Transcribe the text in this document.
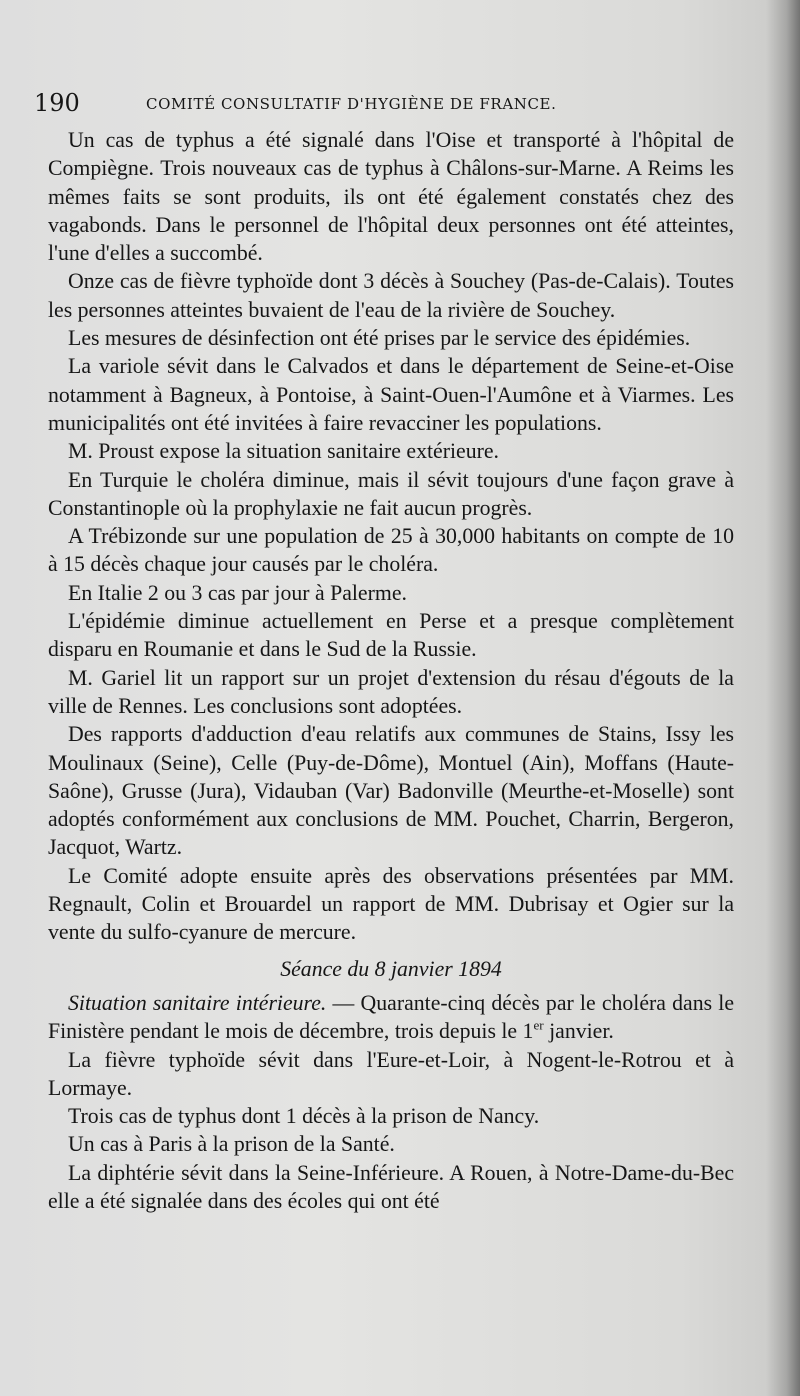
190	COMITÉ CONSULTATIF D'HYGIÈNE DE FRANCE.

Un cas de typhus a été signalé dans l'Oise et transporté à l'hôpital de Compiègne. Trois nouveaux cas de typhus à Châlons-sur-Marne. A Reims les mêmes faits se sont produits, ils ont été également constatés chez des vagabonds. Dans le personnel de l'hôpital deux personnes ont été atteintes, l'une d'elles a succombé.

Onze cas de fièvre typhoïde dont 3 décès à Souchey (Pas-de-Calais). Toutes les personnes atteintes buvaient de l'eau de la rivière de Souchey.

Les mesures de désinfection ont été prises par le service des épidémies.

La variole sévit dans le Calvados et dans le département de Seine-et-Oise notamment à Bagneux, à Pontoise, à Saint-Ouen-l'Aumône et à Viarmes. Les municipalités ont été invitées à faire revacciner les populations.

M. Proust expose la situation sanitaire extérieure.

En Turquie le choléra diminue, mais il sévit toujours d'une façon grave à Constantinople où la prophylaxie ne fait aucun progrès.

A Trébizonde sur une population de 25 à 30,000 habitants on compte de 10 à 15 décès chaque jour causés par le choléra.

En Italie 2 ou 3 cas par jour à Palerme.

L'épidémie diminue actuellement en Perse et a presque complètement disparu en Roumanie et dans le Sud de la Russie.

M. Gariel lit un rapport sur un projet d'extension du résau d'égouts de la ville de Rennes. Les conclusions sont adoptées.

Des rapports d'adduction d'eau relatifs aux communes de Stains, Issy les Moulinaux (Seine), Celle (Puy-de-Dôme), Montuel (Ain), Moffans (Haute-Saône), Grusse (Jura), Vidauban (Var) Badonville (Meurthe-et-Moselle) sont adoptés conformément aux conclusions de MM. Pouchet, Charrin, Bergeron, Jacquot, Wartz.

Le Comité adopte ensuite après des observations présentées par MM. Regnault, Colin et Brouardel un rapport de MM. Dubrisay et Ogier sur la vente du sulfo-cyanure de mercure.

Séance du 8 janvier 1894

Situation sanitaire intérieure. — Quarante-cinq décès par le choléra dans le Finistère pendant le mois de décembre, trois depuis le 1er janvier.

La fièvre typhoïde sévit dans l'Eure-et-Loir, à Nogent-le-Rotrou et à Lormaye.

Trois cas de typhus dont 1 décès à la prison de Nancy.

Un cas à Paris à la prison de la Santé.

La diphtérie sévit dans la Seine-Inférieure. A Rouen, à Notre-Dame-du-Bec elle a été signalée dans des écoles qui ont été
